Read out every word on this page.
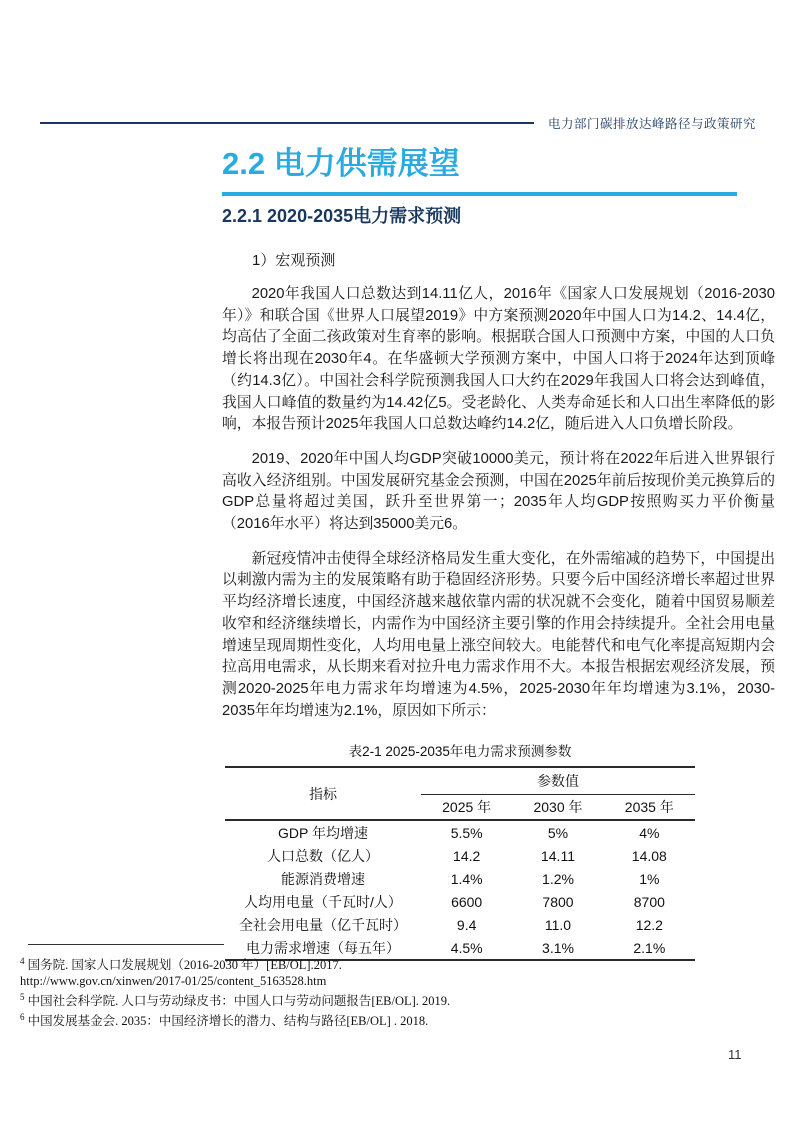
电力部门碳排放达峰路径与政策研究
2.2 电力供需展望
2.2.1 2020-2035电力需求预测
1）宏观预测

2020年我国人口总数达到14.11亿人，2016年《国家人口发展规划（2016-2030年）》和联合国《世界人口展望2019》中方案预测2020年中国人口为14.2、14.4亿，均高估了全面二孩政策对生育率的影响。根据联合国人口预测中方案，中国的人口负增长将出现在2030年4。在华盛顿大学预测方案中，中国人口将于2024年达到顶峰（约14.3亿）。中国社会科学院预测我国人口大约在2029年我国人口将会达到峰值，我国人口峰值的数量约为14.42亿5。受老龄化、人类寿命延长和人口出生率降低的影响，本报告预计2025年我国人口总数达峰约14.2亿，随后进入人口负增长阶段。

2019、2020年中国人均GDP突破10000美元，预计将在2022年后进入世界银行高收入经济组别。中国发展研究基金会预测，中国在2025年前后按现价美元换算后的GDP总量将超过美国，跃升至世界第一；2035年人均GDP按照购买力平价衡量（2016年水平）将达到35000美元6。

新冠疫情冲击使得全球经济格局发生重大变化，在外需缩减的趋势下，中国提出以刺激内需为主的发展策略有助于稳固经济形势。只要今后中国经济增长率超过世界平均经济增长速度，中国经济越来越依靠内需的状况就不会变化，随着中国贸易顺差收窄和经济继续增长，内需作为中国经济主要引擎的作用会持续提升。全社会用电量增速呈现周期性变化，人均用电量上涨空间较大。电能替代和电气化率提高短期内会拉高用电需求，从长期来看对拉升电力需求作用不大。本报告根据宏观经济发展，预测2020-2025年电力需求年均增速为4.5%，2025-2030年年均增速为3.1%，2030-2035年年均增速为2.1%，原因如下所示：

表2-1 2025-2035年电力需求预测参数
指标	参数值		
	2025 年	2030 年	2035 年
GDP 年均增速	5.5%	5%	4%
人口总数（亿人）	14.2	14.11	14.08
能源消费增速	1.4%	1.2%	1%
人均用电量（千瓦时/人）	6600	7800	8700
全社会用电量（亿千瓦时）	9.4	11.0	12.2
电力需求增速（每五年）	4.5%	3.1%	2.1%
$^4$ 国务院. 国家人口发展规划（2016-2030 年）[EB/OL].2017.
http://www.gov.cn/xinwen/2017-01/25/content_5163528.htm
$^5$ 中国社会科学院. 人口与劳动绿皮书：中国人口与劳动问题报告[EB/OL]. 2019.
$^6$ 中国发展基金会. 2035：中国经济增长的潜力、结构与路径[EB/OL] . 2018.
11
